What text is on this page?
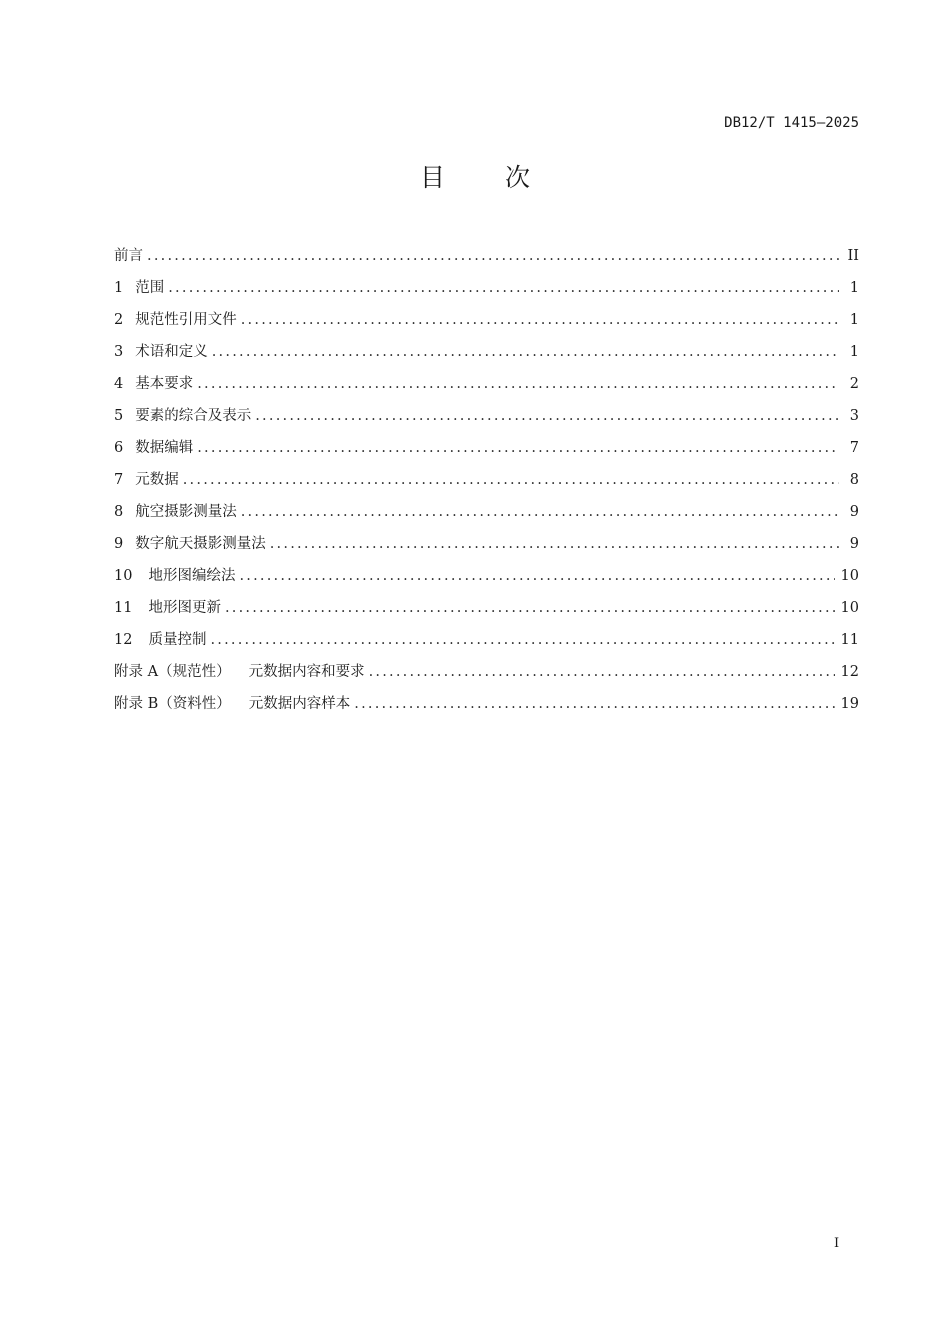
DB12/T 1415—2025
目 次
前言 . . .	II
1 范围 . . .	1
2 规范性引用文件 . . .	1
3 术语和定义 . . .	1
4 基本要求 . . .	2
5 要素的综合及表示 . . .	3
6 数据编辑 . . .	7
7 元数据 . . .	8
8 航空摄影测量法 . . .	9
9 数字航天摄影测量法 . . .	9
10 地形图编绘法 . . .	10
11 地形图更新 . . .	10
12 质量控制 . . .	11
附录 A（规范性） 元数据内容和要求 . . .	12
附录 B（资料性） 元数据内容样本 . . .	19
I
